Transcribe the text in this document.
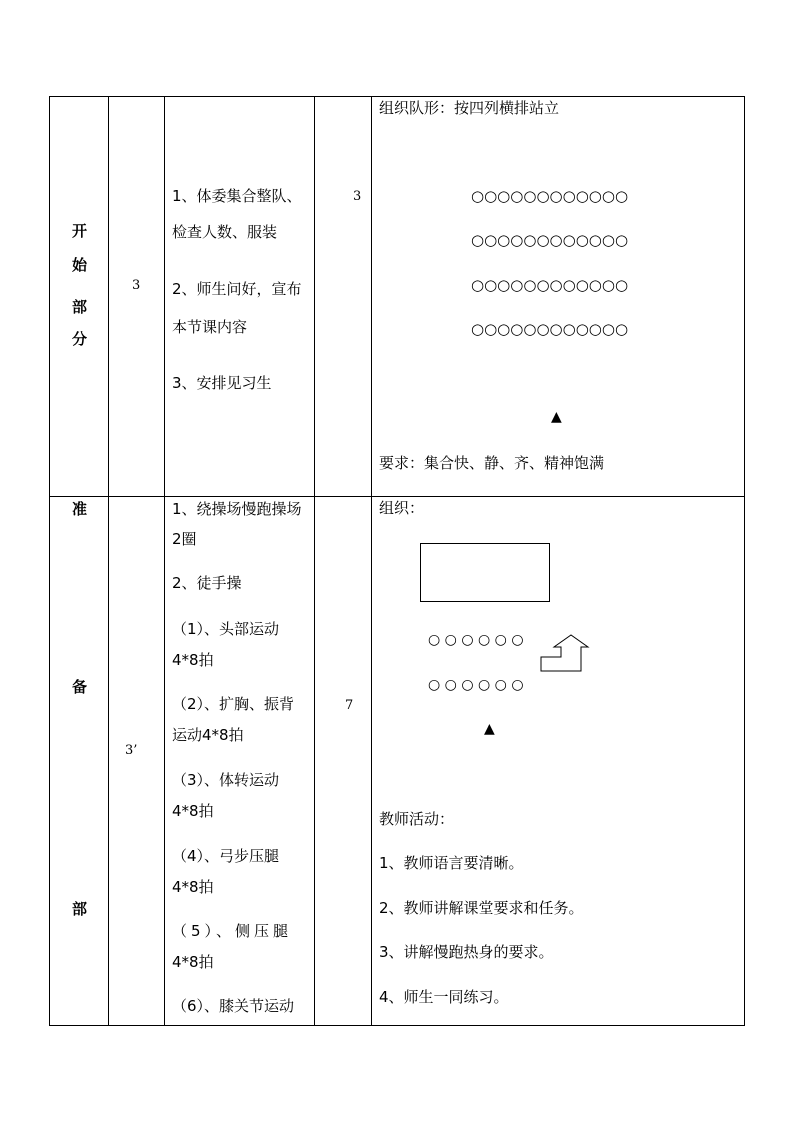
开
始
部
分
3
1、体委集合整队、
检查人数、服装
2、师生问好，宣布
本节课内容
3、安排见习生
3
组织队形：按四列横排站立
○○○○○○○○○○○○
○○○○○○○○○○○○
○○○○○○○○○○○○
○○○○○○○○○○○○
▲
要求：集合快、静、齐、精神饱满
准
备
部
3’
1、绕操场慢跑操场
2圈
2、徒手操
（1）、头部运动
4*8拍
（2）、扩胸、振背
运动4*8拍
（3）、体转运动
4*8拍
（4）、弓步压腿
4*8拍
（5）、侧压腿
4*8拍
（6）、膝关节运动
7
组织：
○ ○ ○ ○ ○ ○
○ ○ ○ ○ ○ ○
▲
教师活动：
1、教师语言要清晰。
2、教师讲解课堂要求和任务。
3、讲解慢跑热身的要求。
4、师生一同练习。
